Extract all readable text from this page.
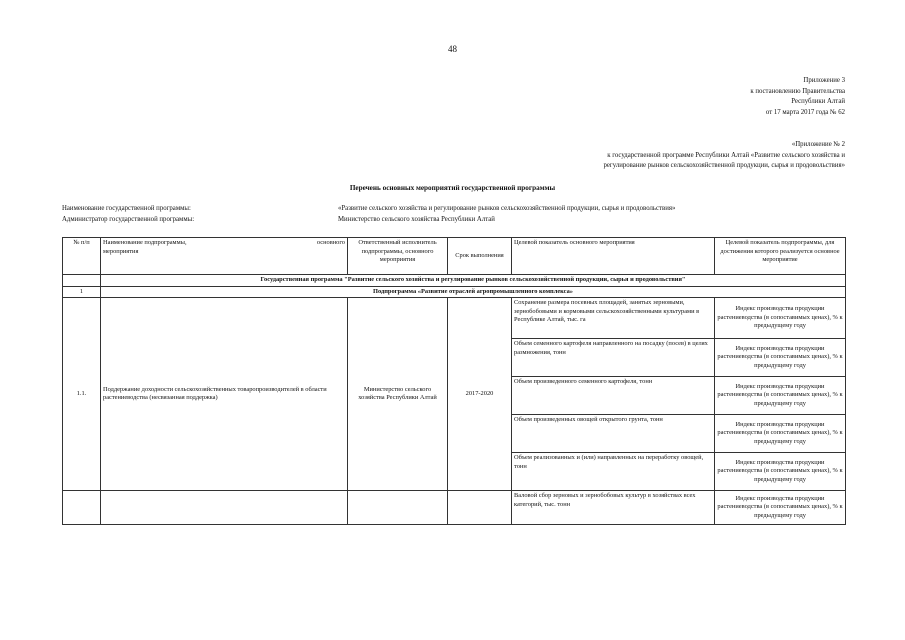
48
Приложение 3
к постановлению Правительства
Республики Алтай
от 17 марта 2017 года № 62
«Приложение № 2
к государственной программе Республики Алтай «Развитие сельского хозяйства и
регулирование рынков сельскохозяйственной продукции, сырья и продовольствия»
Перечень основных мероприятий государственной программы
Наименование государственной программы:	«Развитие сельского хозяйства и регулирование рынков сельскохозяйственной продукции, сырья и продовольствия»
Администратор государственной программы:	Министерство сельского хозяйства Республики Алтай
№ п/п	Наименование подпрограммы, основного
мероприятия	Ответственный исполнитель подпрограммы, основного мероприятия	Срок выполнения	Целевой показатель основного мероприятия	Целевой показатель подпрограммы, для достижения которого реализуется основное мероприятие
	Государственная программа "Развитие сельского хозяйства и регулирование рынков сельскохозяйственной продукции, сырья и продовольствия"				
1	Подпрограмма «Развитие отраслей агропромышленного комплекса»				
1.1.	Поддержание доходности сельскохозяйственных товаропроизводителей в области растениеводства (несвязанная поддержка)	Министерство сельского хозяйства Республики Алтай	2017-2020	Сохранение размера посевных площадей, занятых зерновыми, зернобобовыми и кормовыми сельскохозяйственными культурами в Республике Алтай, тыс. га	Индекс производства продукции растениеводства (в сопоставимых ценах), % к предыдущему году
				Объем семенного картофеля направленного на посадку (посев) в целях размножения, тонн	Индекс производства продукции растениеводства (в сопоставимых ценах), % к предыдущему году
				Объем произведенного семенного картофеля, тонн	Индекс производства продукции растениеводства (в сопоставимых ценах), % к предыдущему году
				Объем произведенных овощей открытого грунта, тонн	Индекс производства продукции растениеводства (в сопоставимых ценах), % к предыдущему году
				Объем реализованных и (или) направленных на переработку овощей, тонн	Индекс производства продукции растениеводства (в сопоставимых ценах), % к предыдущему году
				Валовой сбор зерновых и зернобобовых культур в хозяйствах всех категорий, тыс. тонн	Индекс производства продукции растениеводства (в сопоставимых ценах), % к предыдущему году
